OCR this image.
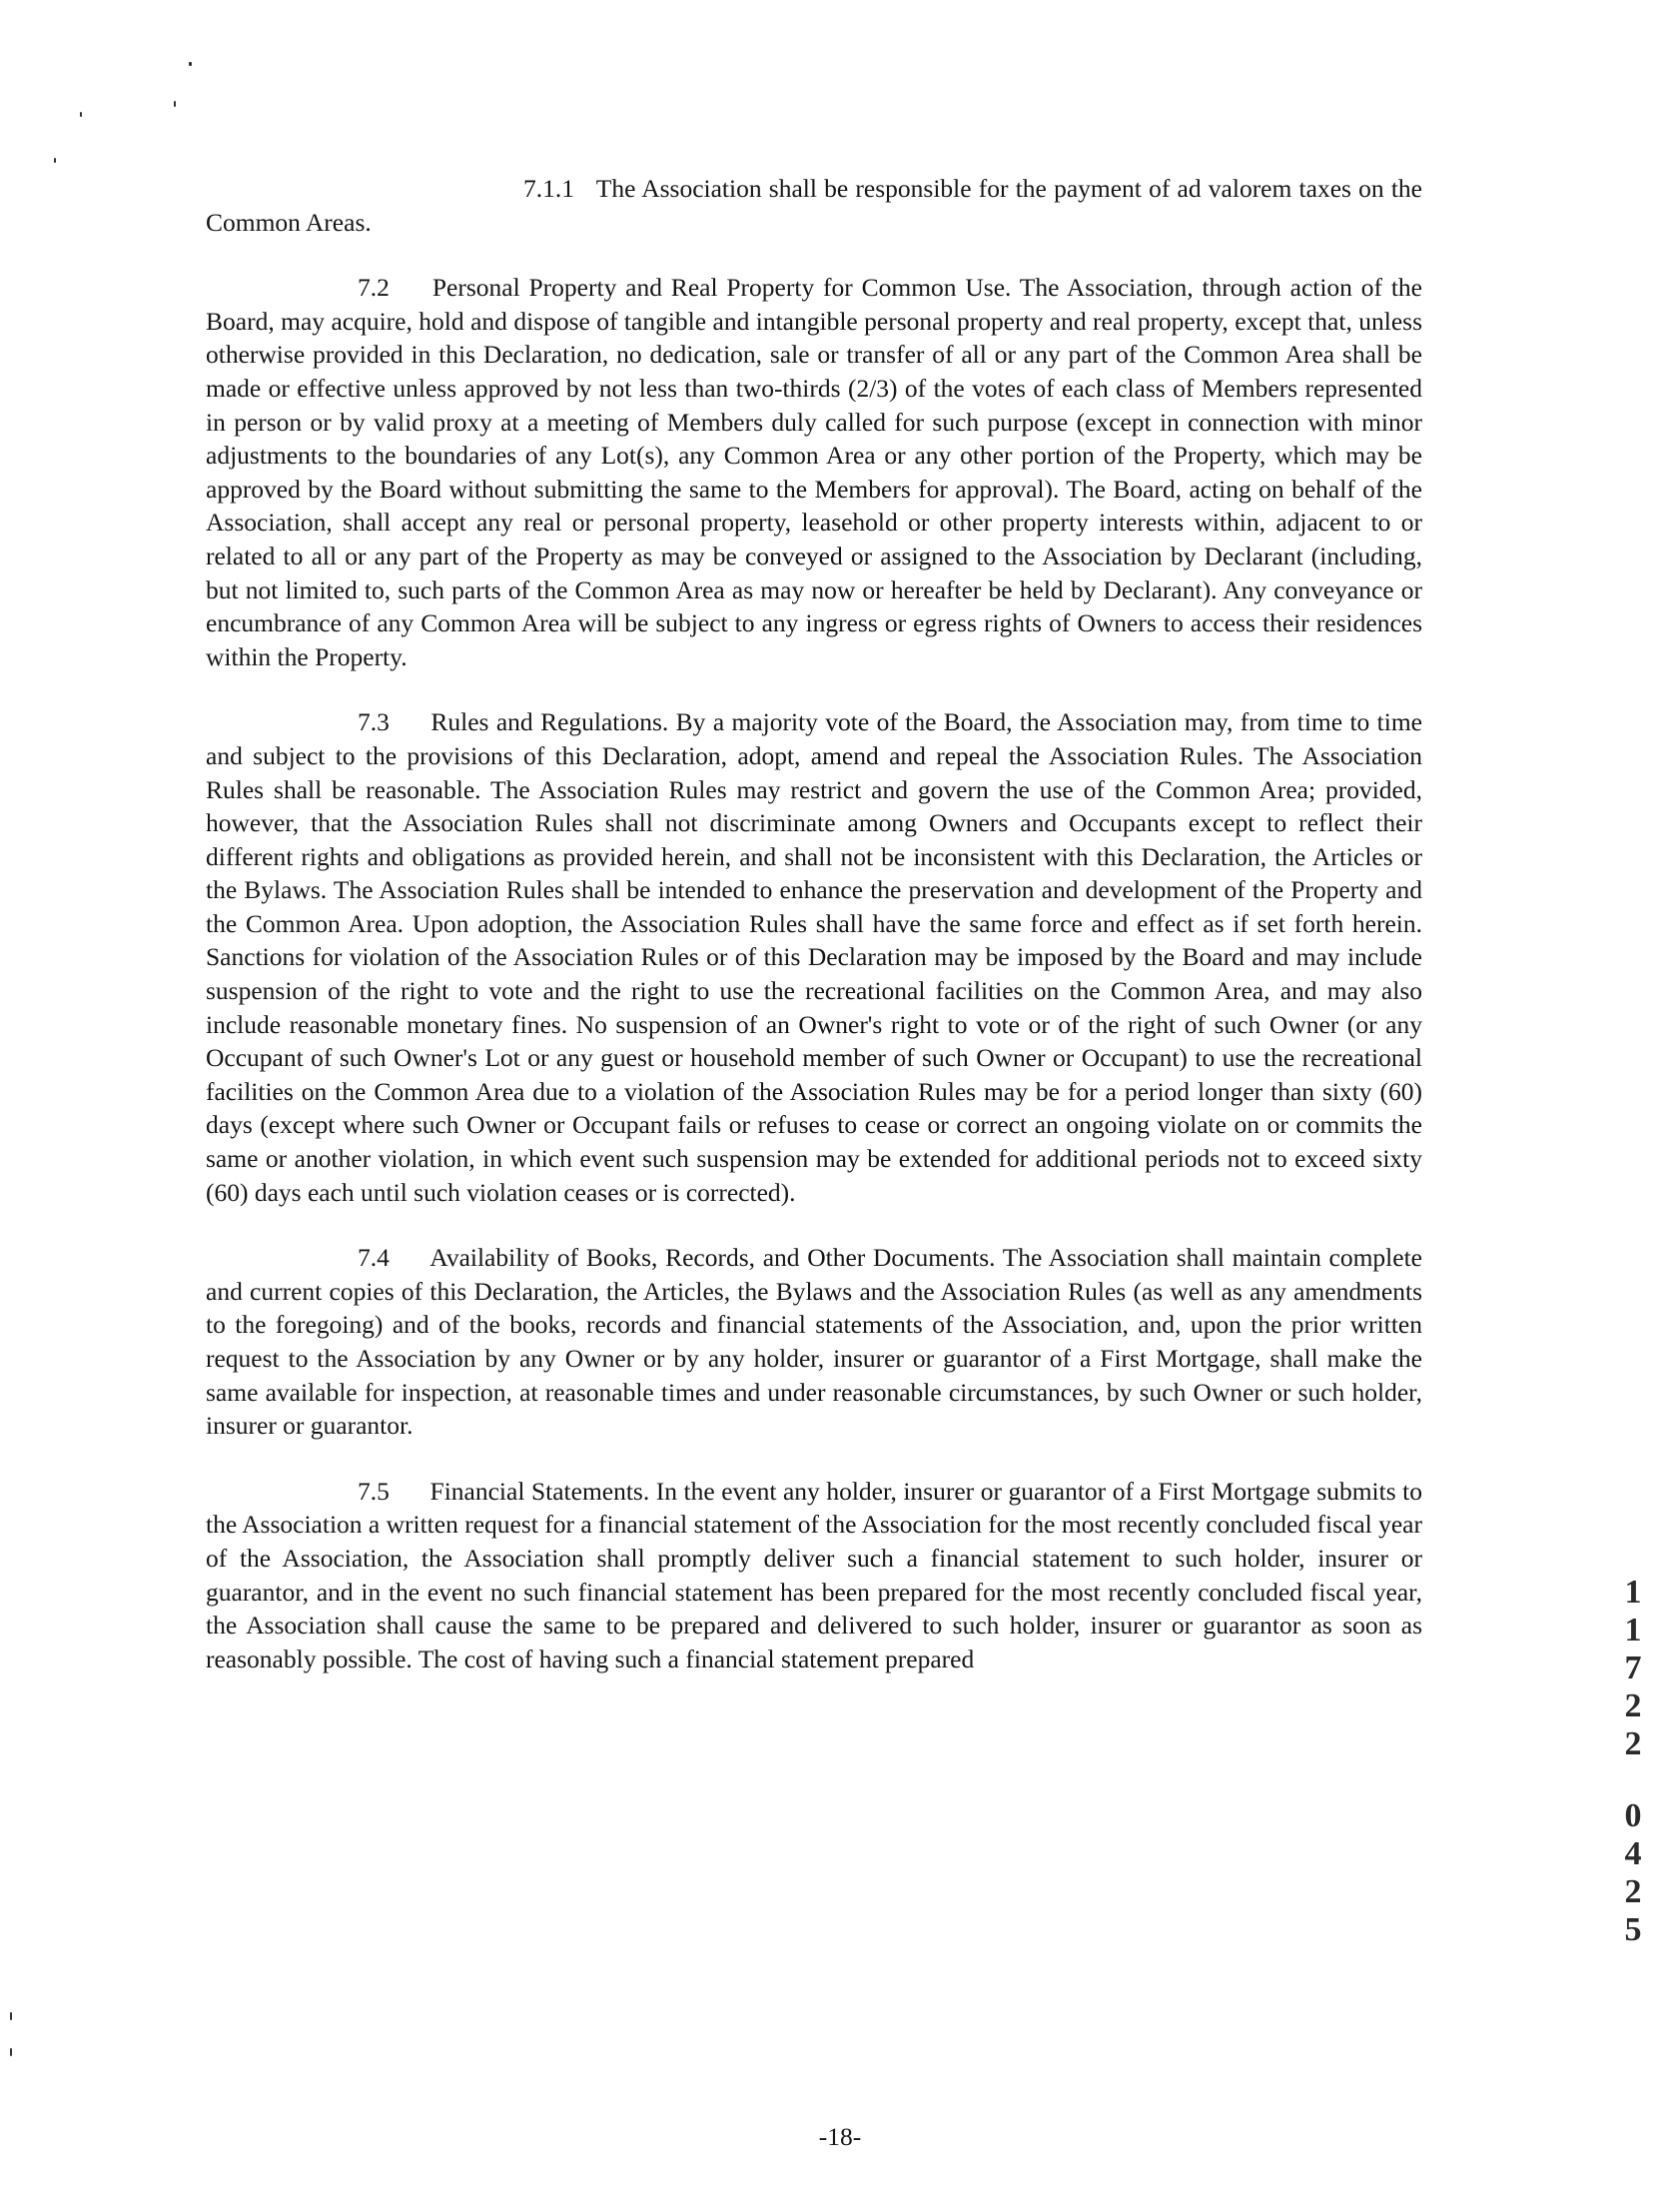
7.1.1 The Association shall be responsible for the payment of ad valorem taxes on the Common Areas.

7.2 Personal Property and Real Property for Common Use. The Association, through action of the Board, may acquire, hold and dispose of tangible and intangible personal property and real property, except that, unless otherwise provided in this Declaration, no dedication, sale or transfer of all or any part of the Common Area shall be made or effective unless approved by not less than two-thirds (2/3) of the votes of each class of Members represented in person or by valid proxy at a meeting of Members duly called for such purpose (except in connection with minor adjustments to the boundaries of any Lot(s), any Common Area or any other portion of the Property, which may be approved by the Board without submitting the same to the Members for approval). The Board, acting on behalf of the Association, shall accept any real or personal property, leasehold or other property interests within, adjacent to or related to all or any part of the Property as may be conveyed or assigned to the Association by Declarant (including, but not limited to, such parts of the Common Area as may now or hereafter be held by Declarant). Any conveyance or encumbrance of any Common Area will be subject to any ingress or egress rights of Owners to access their residences within the Property.

7.3 Rules and Regulations. By a majority vote of the Board, the Association may, from time to time and subject to the provisions of this Declaration, adopt, amend and repeal the Association Rules. The Association Rules shall be reasonable. The Association Rules may restrict and govern the use of the Common Area; provided, however, that the Association Rules shall not discriminate among Owners and Occupants except to reflect their different rights and obligations as provided herein, and shall not be inconsistent with this Declaration, the Articles or the Bylaws. The Association Rules shall be intended to enhance the preservation and development of the Property and the Common Area. Upon adoption, the Association Rules shall have the same force and effect as if set forth herein. Sanctions for violation of the Association Rules or of this Declaration may be imposed by the Board and may include suspension of the right to vote and the right to use the recreational facilities on the Common Area, and may also include reasonable monetary fines. No suspension of an Owner's right to vote or of the right of such Owner (or any Occupant of such Owner's Lot or any guest or household member of such Owner or Occupant) to use the recreational facilities on the Common Area due to a violation of the Association Rules may be for a period longer than sixty (60) days (except where such Owner or Occupant fails or refuses to cease or correct an ongoing violate on or commits the same or another violation, in which event such suspension may be extended for additional periods not to exceed sixty (60) days each until such violation ceases or is corrected).

7.4 Availability of Books, Records, and Other Documents. The Association shall maintain complete and current copies of this Declaration, the Articles, the Bylaws and the Association Rules (as well as any amendments to the foregoing) and of the books, records and financial statements of the Association, and, upon the prior written request to the Association by any Owner or by any holder, insurer or guarantor of a First Mortgage, shall make the same available for inspection, at reasonable times and under reasonable circumstances, by such Owner or such holder, insurer or guarantor.

7.5 Financial Statements. In the event any holder, insurer or guarantor of a First Mortgage submits to the Association a written request for a financial statement of the Association for the most recently concluded fiscal year of the Association, the Association shall promptly deliver such a financial statement to such holder, insurer or guarantor, and in the event no such financial statement has been prepared for the most recently concluded fiscal year, the Association shall cause the same to be prepared and delivered to such holder, insurer or guarantor as soon as reasonably possible. The cost of having such a financial statement prepared

-18-
1
1
7
2
2
0
4
2
5
